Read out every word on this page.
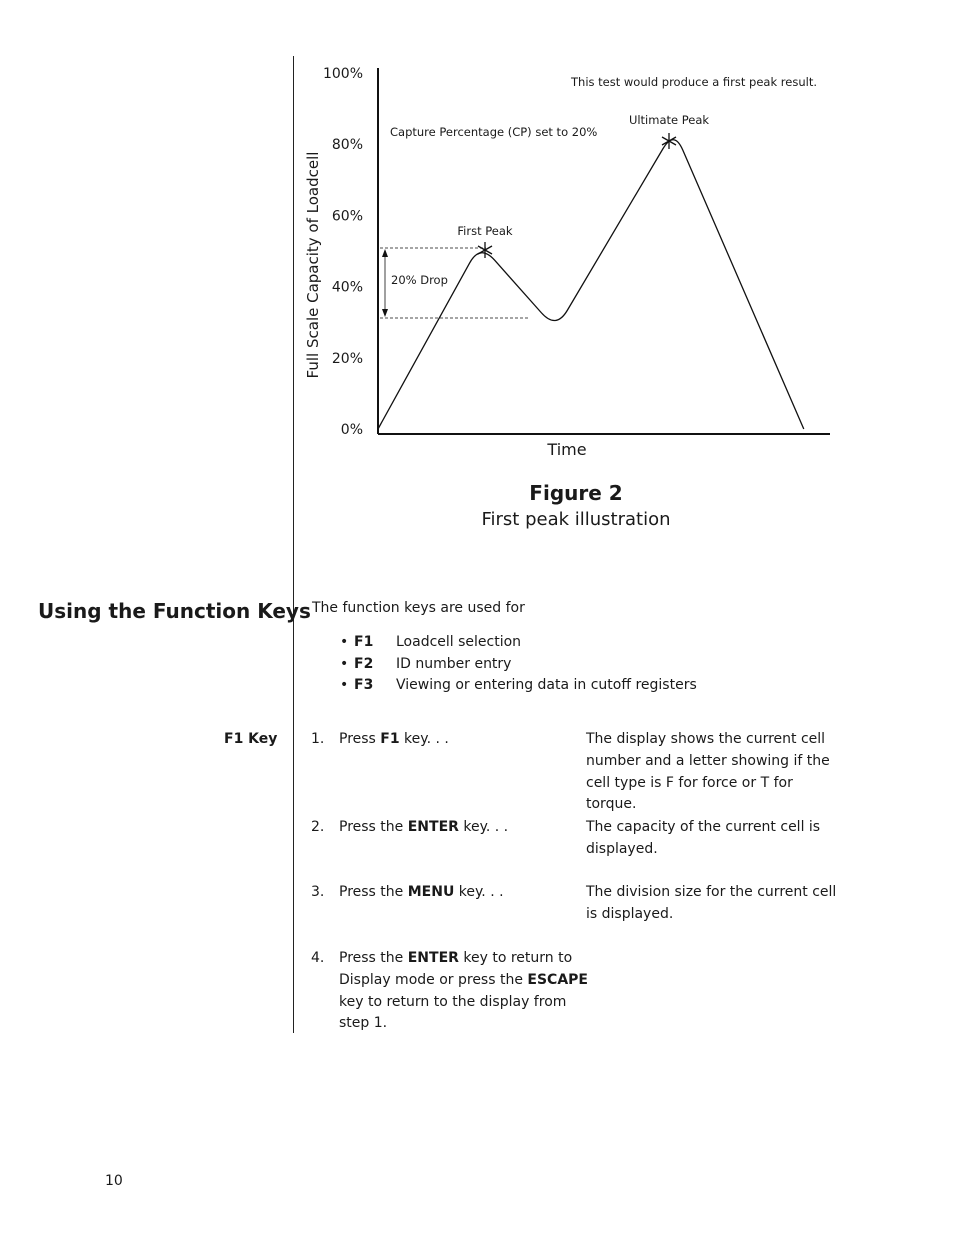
Full Scale Capacity of Loadcell
100%
80%
60%
40%
20%
0%
Time
This test would produce a first peak result.
Capture Percentage (CP) set to 20%
Ultimate Peak
First Peak
20% Drop
Figure 2
First peak illustration
Using the Function Keys The function keys are used for
• F1 Loadcell selection
• F2 ID number entry
• F3 Viewing or entering data in cutoff registers
F1 Key 1. Press F1 key. . .	The display shows the current cell number and a letter showing if the cell type is F for force or T for torque.
2. Press the ENTER key. . .	The capacity of the current cell is displayed.
3. Press the MENU key. . .	The division size for the current cell is displayed.
4. Press the ENTER key to return to Display mode or press the ESCAPE key to return to the display from step 1.
10
